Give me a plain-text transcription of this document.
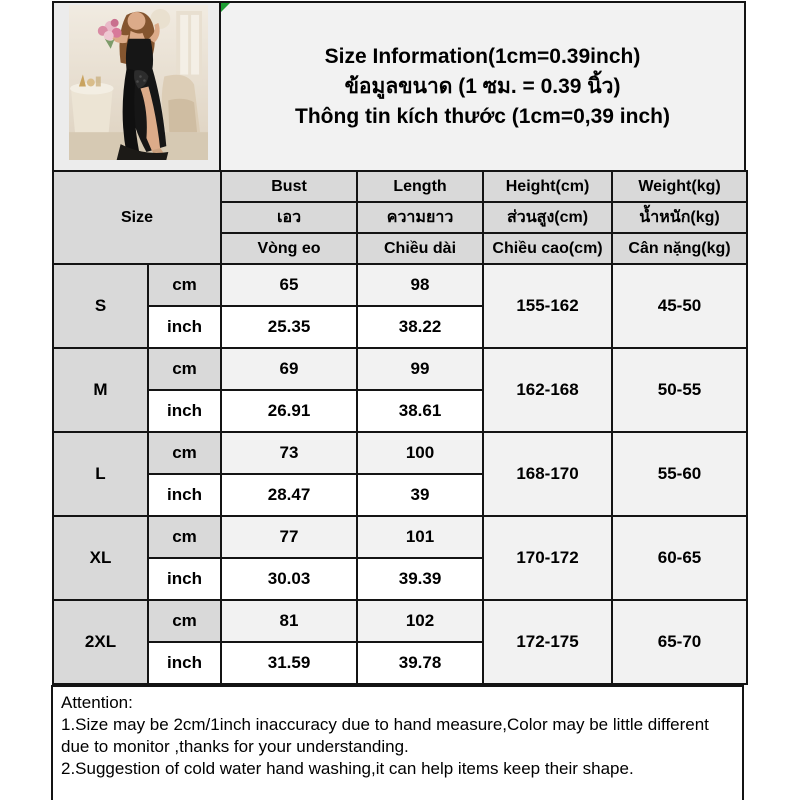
Size Information(1cm=0.39inch)
ข้อมูลขนาด (1 ซม. = 0.39 นิ้ว)
Thông tin kích thước (1cm=0,39 inch)
Size		Bust	Length	Height(cm)	Weight(kg)
		เอว	ความยาว	ส่วนสูง(cm)	น้ำหนัก(kg)
		Vòng eo	Chiều dài	Chiều cao(cm)	Cân nặng(kg)
S	cm	65	98	155-162	45-50
	inch	25.35	38.22		
M	cm	69	99	162-168	50-55
	inch	26.91	38.61		
L	cm	73	100	168-170	55-60
	inch	28.47	39		
XL	cm	77	101	170-172	60-65
	inch	30.03	39.39		
2XL	cm	81	102	172-175	65-70
	inch	31.59	39.78		
Attention:
1.Size may be 2cm/1inch inaccuracy due to hand measure,Color may be little different
due to monitor ,thanks for your understanding.
2.Suggestion of cold water hand washing,it can help items keep their shape.
